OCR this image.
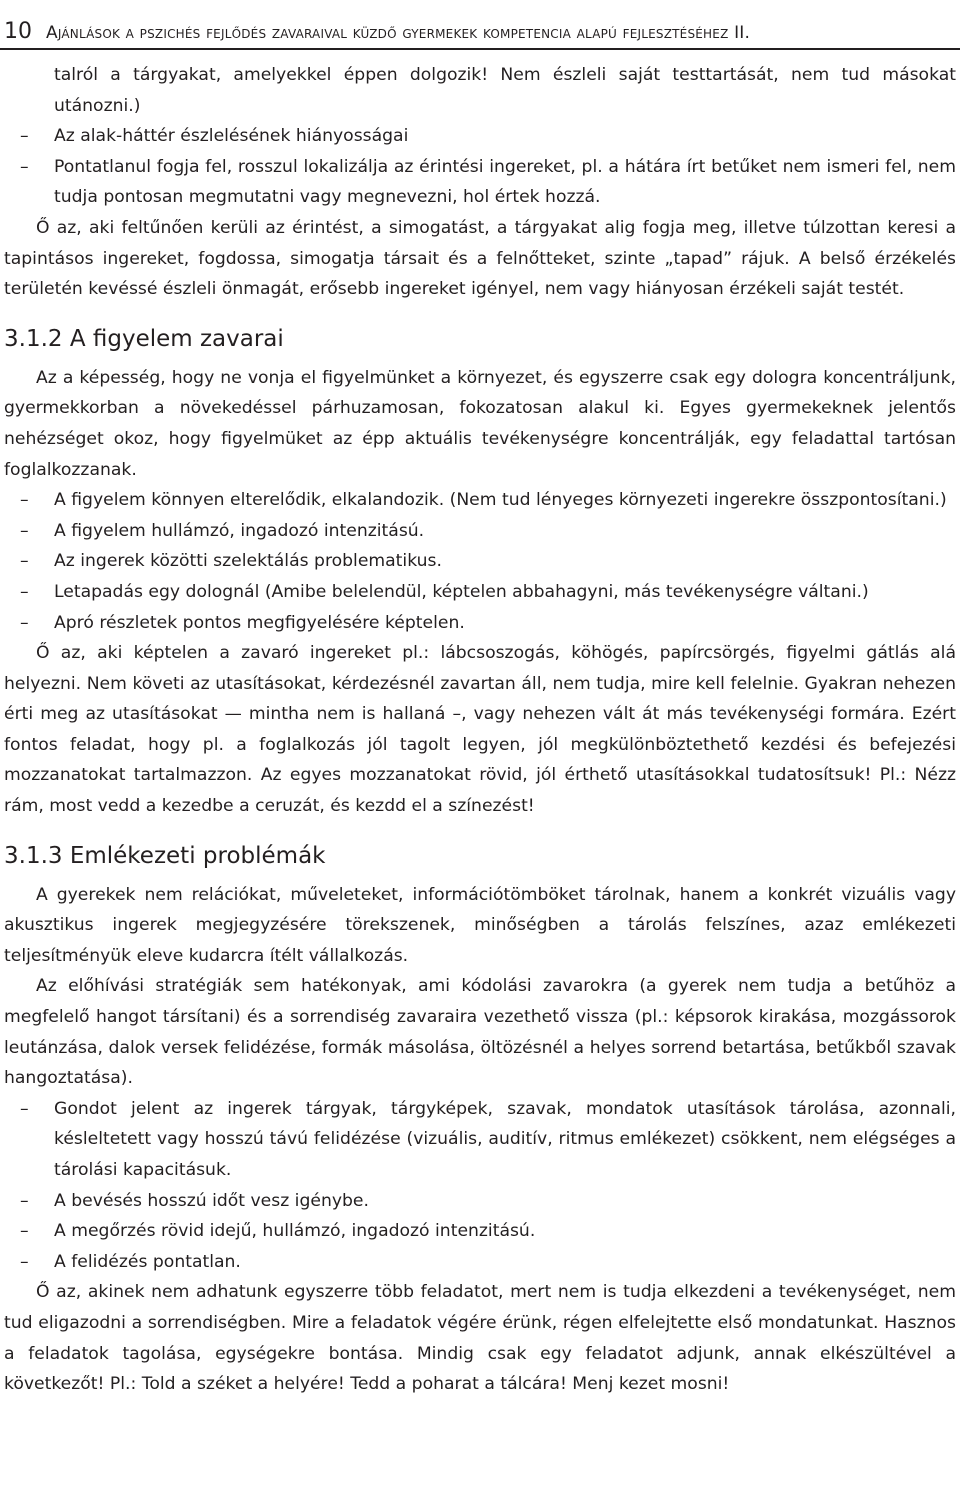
10 Ajánlások a pszichés fejlődés zavaraival küzdő gyermekek kompetencia alapú fejlesztéséhez II.

talról a tárgyakat, amelyekkel éppen dolgozik! Nem észleli saját testtartását, nem tud másokat utánozni.)

– Az alak-háttér észlelésének hiányosságai
– Pontatlanul fogja fel, rosszul lokalizálja az érintési ingereket, pl. a hátára írt betűket nem ismeri fel, nem tudja pontosan megmutatni vagy megnevezni, hol értek hozzá.

Ő az, aki feltűnően kerüli az érintést, a simogatást, a tárgyakat alig fogja meg, illetve túlzottan keresi a tapintásos ingereket, fogdossa, simogatja társait és a felnőtteket, szinte „tapad” rájuk. A belső érzékelés területén kevéssé észleli önmagát, erősebb ingereket igényel, nem vagy hiányosan érzékeli saját testét.

3.1.2 A figyelem zavarai

Az a képesség, hogy ne vonja el figyelmünket a környezet, és egyszerre csak egy dologra koncentráljunk, gyermekkorban a növekedéssel párhuzamosan, fokozatosan alakul ki. Egyes gyermekeknek jelentős nehézséget okoz, hogy figyelmüket az épp aktuális tevékenységre koncentrálják, egy feladattal tartósan foglalkozzanak.

– A figyelem könnyen elterelődik, elkalandozik. (Nem tud lényeges környezeti ingerekre összpontosítani.)
– A figyelem hullámzó, ingadozó intenzitású.
– Az ingerek közötti szelektálás problematikus.
– Letapadás egy dolognál (Amibe belelendül, képtelen abbahagyni, más tevékenységre váltani.)
– Apró részletek pontos megfigyelésére képtelen.

Ő az, aki képtelen a zavaró ingereket pl.: lábcsoszogás, köhögés, papírcsörgés, figyelmi gátlás alá helyezni. Nem követi az utasításokat, kérdezésnél zavartan áll, nem tudja, mire kell felelnie. Gyakran nehezen érti meg az utasításokat — mintha nem is hallaná –, vagy nehezen vált át más tevékenységi formára. Ezért fontos feladat, hogy pl. a foglalkozás jól tagolt legyen, jól megkülönböztethető kezdési és befejezési mozzanatokat tartalmazzon. Az egyes mozzanatokat rövid, jól érthető utasításokkal tudatosítsuk! Pl.: Nézz rám, most vedd a kezedbe a ceruzát, és kezdd el a színezést!

3.1.3 Emlékezeti problémák

A gyerekek nem relációkat, műveleteket, információtömböket tárolnak, hanem a konkrét vizuális vagy akusztikus ingerek megjegyzésére törekszenek, minőségben a tárolás felszínes, azaz emlékezeti teljesítményük eleve kudarcra ítélt vállalkozás.

Az előhívási stratégiák sem hatékonyak, ami kódolási zavarokra (a gyerek nem tudja a betűhöz a megfelelő hangot társítani) és a sorrendiség zavaraira vezethető vissza (pl.: képsorok kirakása, mozgássorok leutánzása, dalok versek felidézése, formák másolása, öltözésnél a helyes sorrend betartása, betűkből szavak hangoztatása).

– Gondot jelent az ingerek tárgyak, tárgyképek, szavak, mondatok utasítások tárolása, azonnali, késleltetett vagy hosszú távú felidézése (vizuális, auditív, ritmus emlékezet) csökkent, nem elégséges a tárolási kapacitásuk.
– A bevésés hosszú időt vesz igénybe.
– A megőrzés rövid idejű, hullámzó, ingadozó intenzitású.
– A felidézés pontatlan.

Ő az, akinek nem adhatunk egyszerre több feladatot, mert nem is tudja elkezdeni a tevékenységet, nem tud eligazodni a sorrendiségben. Mire a feladatok végére érünk, régen elfelejtette első mondatunkat. Hasznos a feladatok tagolása, egységekre bontása. Mindig csak egy feladatot adjunk, annak elkészültével a következőt! Pl.: Told a széket a helyére! Tedd a poharat a tálcára! Menj kezet mosni!
